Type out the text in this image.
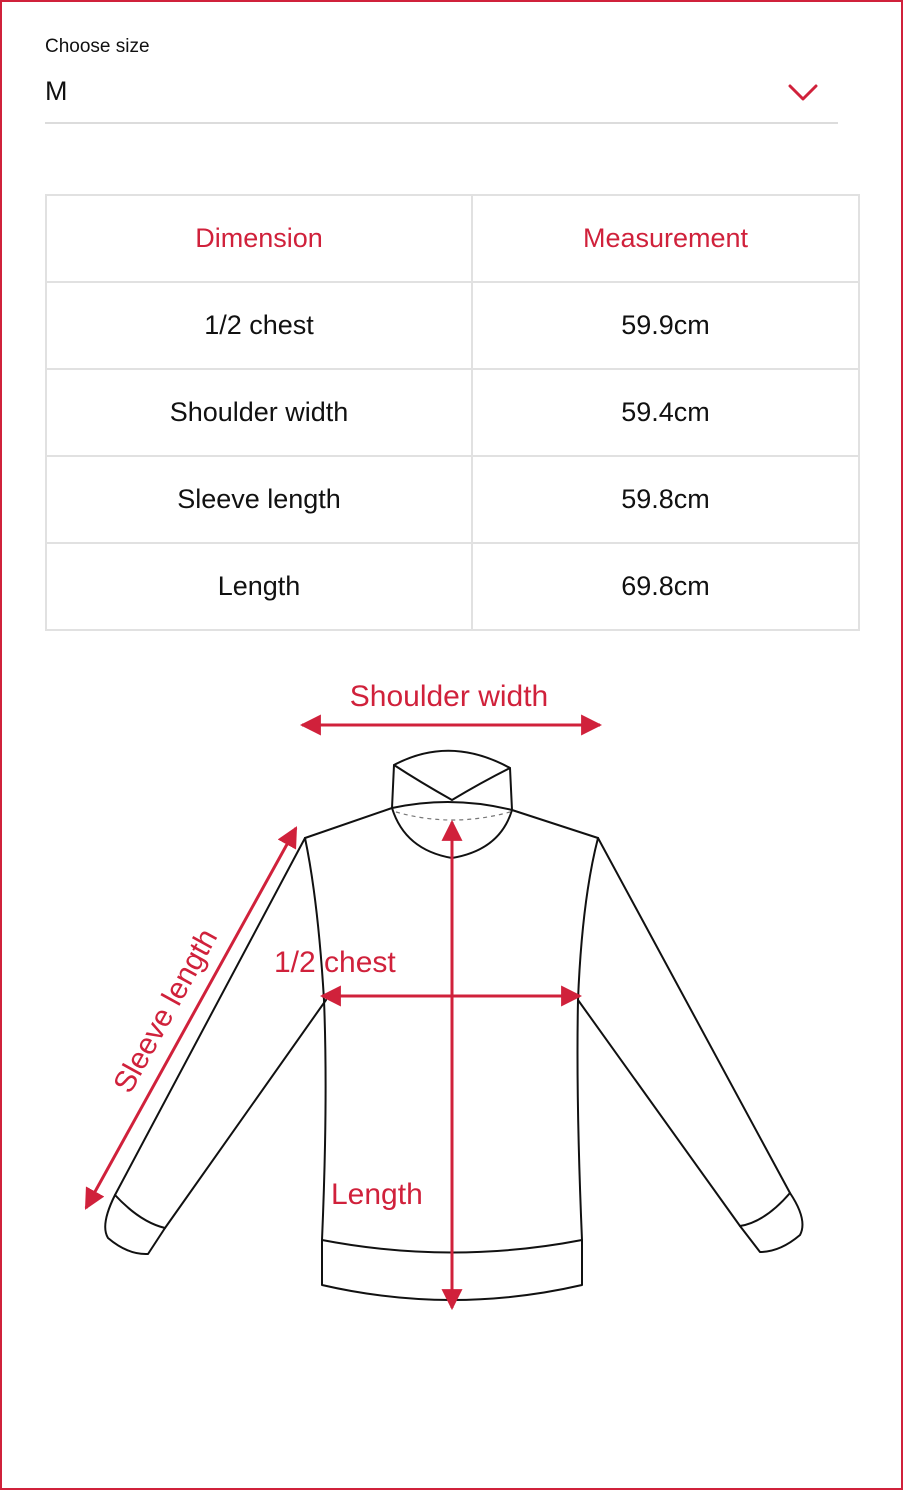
Choose size
M
Dimension	Measurement
1/2 chest	59.9cm
Shoulder width	59.4cm
Sleeve length	59.8cm
Length	69.8cm
Shoulder width
1/2 chest
Length
Sleeve length
